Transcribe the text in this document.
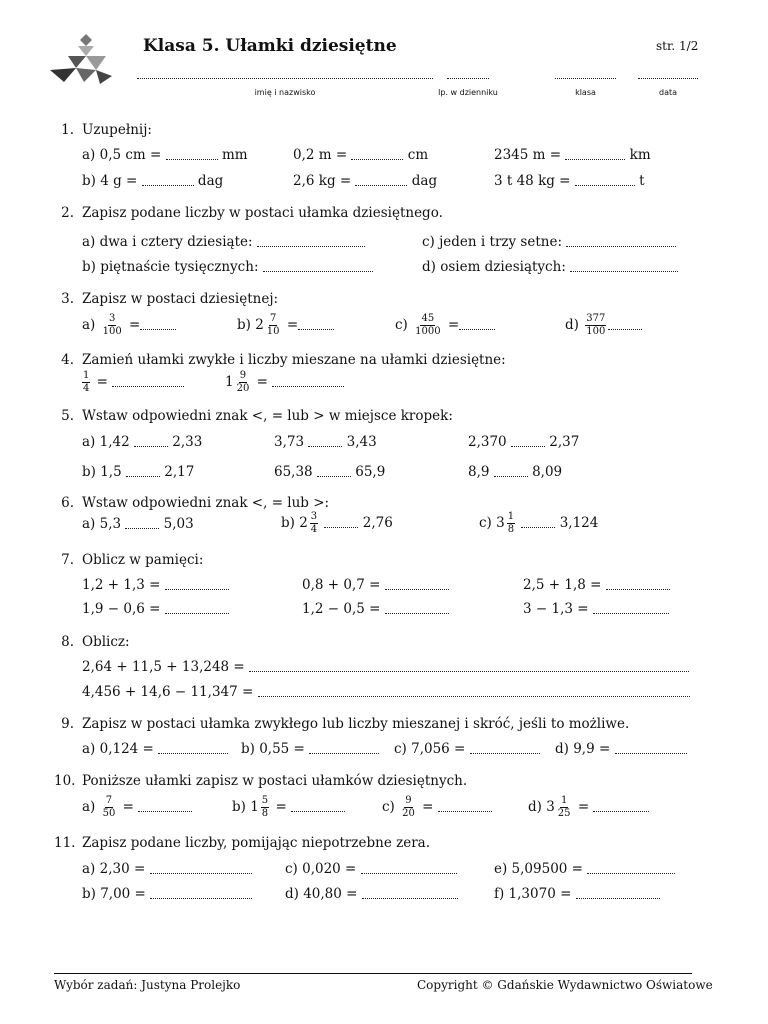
Klasa 5. Ułamki dziesiętne	str. 1/2
imię i nazwisko	lp. w dzienniku	klasa	data
1. Uzupełnij:
a) 0,5 cm =	mm	0,2 m =	cm	2345 m =	km
b) 4 g =	dag	2,6 kg =	dag	3 t 48 kg =	t
2. Zapisz podane liczby w postaci ułamka dziesiętnego.
a) dwa i cztery dziesiąte:	c) jeden i trzy setne:
b) piętnaście tysięcznych:	d) osiem dziesiątych:
3. Zapisz w postaci dziesiętnej:
$a) \frac{3}{100}$ =	b) $2 \frac{7}{10}$ =	$c) \frac{45}{1000}$ =	$d) \frac{377}{100}$
4. Zamień ułamki zwykłe i liczby mieszane na ułamki dziesiętne:
$\frac{1}{4}$ =	$1 \frac{9}{20}$ =
5. Wstaw odpowiedni znak <, = lub > w miejsce kropek:
a) 1,42	2,33	3,73	3,43	2,370	2,37
b) 1,5	2,17	65,38	65,9	8,9	8,09
6. Wstaw odpowiedni znak <, = lub >:
a) 5,3	5,03	b) $2 \frac{3}{4}$	2,76	c) $3 \frac{1}{8}$	3,124
7. Oblicz w pamięci:
1,2 + 1,3 =	0,8 + 0,7 =	2,5 + 1,8 =
1,9 − 0,6 =	1,2 − 0,5 =	3 − 1,3 =
8. Oblicz:
2,64 + 11,5 + 13,248 =
4,456 + 14,6 − 11,347 =
9. Zapisz w postaci ułamka zwykłego lub liczby mieszanej i skróć, jeśli to możliwe.
a) 0,124 =	b) 0,55 =	c) 7,056 =	d) 9,9 =
10. Poniższe ułamki zapisz w postaci ułamków dziesiętnych.
$a) \frac{7}{50}$ =	b) $1 \frac{5}{8}$ =	$c) \frac{9}{20}$ =	d) $3 \frac{1}{25}$ =
11. Zapisz podane liczby, pomijając niepotrzebne zera.
a) 2,30 =	c) 0,020 =	e) 5,09500 =
b) 7,00 =	d) 40,80 =	f) 1,3070 =
Wybór zadań: Justyna Prolejko	Copyright © Gdańskie Wydawnictwo Oświatowe
